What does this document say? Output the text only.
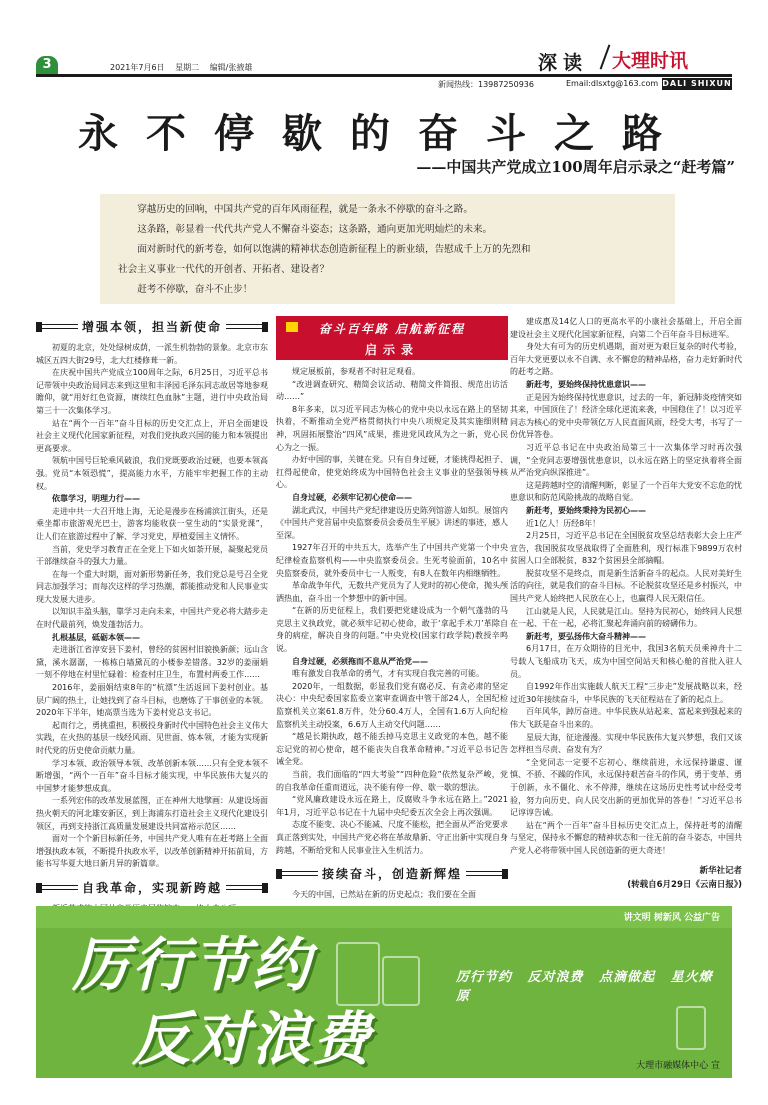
3	2021年7月6日 星期二 编辑/张掖雄	深读 大理时讯
新闻热线：13987250936	Email:dlsxtg@163.com DALI SHIXUN
永不停歇的奋斗之路
——中国共产党成立100周年启示录之“赶考篇”

穿越历史的回响，中国共产党的百年风雨征程，就是一条永不停歇的奋斗之路。

这条路，彰显着一代代共产党人不懈奋斗姿态；这条路，通向更加光明灿烂的未来。

面对新时代的新考卷，如何以饱满的精神状态创造新征程上的新业绩，告慰成千上万的先烈和

社会主义事业一代代的开创者、开拓者、建设者？

赶考不停歇，奋斗不止步！

增强本领，担当新使命

初夏的北京，处处绿树成荫，一派生机勃勃的景象。北京市东城区五四大街29号，北大红楼修葺一新。

在庆祝中国共产党成立100周年之际，6月25日，习近平总书记带领中央政治局同志来到这里和丰泽园毛泽东同志故居等地参观瞻仰，就“用好红色资源，赓续红色血脉”主题，进行中央政治局第三十一次集体学习。

站在“两个一百年”奋斗目标的历史交汇点上，开启全面建设社会主义现代化国家新征程，对我们党执政兴国的能力和本领提出更高要求。

领航中国号巨轮乘风破浪，我们党既要政治过硬，也要本领高强。党员“本领恐慌”，提高能力水平，方能牢牢把握工作的主动权。

依靠学习，明理力行——

走进中共一大召开地上海，无论是漫步在杨浦滨江街头，还是乘坐都市旅游观光巴士，游客均能收获一堂生动的“实景党课”，让人们在旅游过程中了解、学习党史，厚植爱国主义情怀。

当前，党史学习教育正在全党上下如火如荼开展，凝聚起党员干部继续奋斗的强大力量。

在每一个重大时期，面对新形势新任务，我们党总是号召全党同志加强学习；而每次这样的学习热潮，都能推动党和人民事业实现大发展大进步。

以知识丰盈头脑，靠学习走向未来，中国共产党必将大踏步走在时代最前列，焕发蓬勃活力。

扎根基层，砥砺本领——

走进浙江省淳安县下姜村，曾经的贫困村旧貌换新颜；远山含黛，溪水潺潺，一栋栋白墙黛瓦的小楼参差错落。32岁的姜丽娟一刻不停地在村里忙碌着：检查村庄卫生，布置村两委工作……

2016年，姜丽娟结束8年的“杭漂”生活返回下姜村创业。基层广阔的热土，让她找到了奋斗目标，也磨炼了干事创业的本领。2020年下半年，她高票当选为下姜村党总支书记。

起而行之，勇挑重担，积极投身新时代中国特色社会主义伟大实践，在火热的基层一线经风雨、见世面、炼本领，才能为实现新时代党的历史使命贡献力量。

学习本领、政治领导本领、改革创新本领……只有全党本领不断增强，“两个一百年”奋斗目标才能实现，中华民族伟大复兴的中国梦才能梦想成真。

一系列宏伟的改革发展蓝图，正在神州大地擘画：从建设场面热火朝天的河北雄安新区，到上海浦东打造社会主义现代化建设引领区，再到支持浙江高质量发展建设共同富裕示范区……

面对一个个新目标新任务，中国共产党人唯有在赶考路上全面增强执政本领，不断提升执政水平，以改革创新精神开拓前局，方能书写华夏大地日新月异的新篇章。

自我革命，实现新跨越

奋斗百年路 启航新征程
启示录

规定展板前，参观者不时驻足观看。

“改进调查研究、精简会议活动、精简文件简报、规范出访活动……”

8年多来，以习近平同志为核心的党中央以永远在路上的坚韧执着，不断推动全党严格贯彻执行中央八项规定及其实施细则精神，巩固拓展整治“四风”成果，推进党风政风为之一新，党心民心为之一振。

办好中国的事，关键在党。只有自身过硬，才能挑得起担子、扛得起使命，使党始终成为中国特色社会主义事业的坚强领导核心。

自身过硬，必须牢记初心使命——

湖北武汉，中国共产党纪律建设历史陈列馆游人如织。展馆内《中国共产党首届中央监察委员会委员生平展》讲述的事迹，感人至深。

1927年召开的中共五大，选举产生了中国共产党第一个中央纪律检查监察机构——中央监察委员会。生死考验面前，10名中央监察委员，就外委员中七一人叛变，有8人在数年内相继牺牲。

革命战争年代，无数共产党员为了人党时的初心使命，抛头颅洒热血，奋斗出一个梦想中的新中国。

“在新的历史征程上，我们要把党建设成为一个朝气蓬勃的马克思主义执政党，就必须牢记初心使命，敢于‘拿起手术刀’革除自身的病症，解决自身的问题。”中央党校(国家行政学院)教授辛鸣说。

自身过硬，必须拖而不息从严治党——

唯有激发自我革命的勇气，才有实现自我完善的可能。

2020年，一组数据，彰显我们党有腐必反、有贪必肃的坚定决心：中央纪委国家监委立案审查调查中管干部24人，全国纪检监察机关立案61.8万件，处分60.4万人，全国有1.6万人向纪检监察机关主动投案，6.6万人主动交代问题……

“越是长期执政，越不能丢掉马克思主义政党的本色，越不能忘记党的初心使命，越不能丧失自我革命精神。”习近平总书记告诫全党。

当前，我们面临的“四大考验”“四种危险”依然复杂严峻，党的自我革命任重而道远，决不能有停一停、歇一歇的想法。

“党风廉政建设永远在路上，反腐败斗争永远在路上。”2021年1月，习近平总书记在十九届中央纪委五次全会上再次强调。

态度不能变、决心不能减、尺度不能松，把全面从严治党要求真正落到实处，中国共产党必将在革故鼎新、守正出新中实现自身跨越，不断给党和人民事业注入生机活力。

接续奋斗，创造新辉煌

今天的中国，已然站在新的历史起点；我们要在全面

建成惠及14亿人口的更高水平的小康社会基础上，开启全面建设社会主义现代化国家新征程，向第二个百年奋斗目标进军。

身处大有可为的历史机遇期，面对更为艰巨复杂的时代考验，百年大党更要以永不自满、永不懈怠的精神品格，奋力走好新时代的赶考之路。

新赶考，要始终保持忧患意识——

正是因为始终保持忧患意识，过去的一年，新冠肺炎疫情突如其来，中国顶住了！经济全球化逆流来袭，中国稳住了！以习近平同志为核心的党中央带领亿万人民直面风雨，经受大考，书写了一份优异答卷。

习近平总书记在中央政治局第三十一次集体学习时再次强调，“全党同志要增强忧患意识，以永远在路上的坚定执着将全面从严治党向纵深推进”。

这是跨越时空的清醒判断，彰显了一个百年大党安不忘危的忧患意识和防范风险挑战的战略自觉。

新赶考，要始终秉持为民初心——

近1亿人！历经8年！

2月25日，习近平总书记在全国脱贫攻坚总结表彰大会上庄严宣告，我国脱贫攻坚战取得了全面胜利，现行标准下9899万农村贫困人口全部脱贫，832个贫困县全部摘帽。

脱贫攻坚不是终点，而是新生活新奋斗的起点。人民对美好生活的向往，就是我们的奋斗目标。不论脱贫攻坚还是乡村振兴，中国共产党人始终把人民放在心上，也赢得人民无限信任。

江山就是人民，人民就是江山。坚持为民初心，始终同人民想在一起、干在一起，必将汇聚起奔涌向前的磅礴伟力。

新赶考，要弘扬伟大奋斗精神——

6月17日，在万众期待的目光中，我国3名航天员乘神舟十二号载人飞船成功飞天，成为中国空间站天和核心舱的首批入驻人员。

自1992年作出实施载人航天工程“三步走”发展战略以来，经过近30年接续奋斗，中华民族的飞天征程站在了新的起点上。

百年风华，踔厉奋进。中华民族从站起来、富起来到强起来的伟大飞跃是奋斗出来的。

星辰大海，征途漫漫。实现中华民族伟大复兴梦想，我们又该怎样担当尽责、奋发有为？

“全党同志一定要不忘初心、继续前进，永远保持谦虚、谨慎、不骄、不躁的作风，永远保持艰苦奋斗的作风，勇于变革、勇于创新，永不僵化、永不停滞，继续在这场历史性考试中经受考验，努力向历史、向人民交出新的更加优异的答卷！”习近平总书记谆谆告诫。

站在“两个一百年”奋斗目标历史交汇点上，保持赶考的清醒与坚定，保持永不懈怠的精神状态和一往无前的奋斗姿态，中国共产党人必将带领中国人民创造新的更大奇迹！

新华社记者
(转载自6月29日《云南日报》)
讲文明 树新风 公益广告
厉行节约
反对浪费
厉行节约 反对浪费 点滴做起 星火燎原
大理市融媒体中心 宣
